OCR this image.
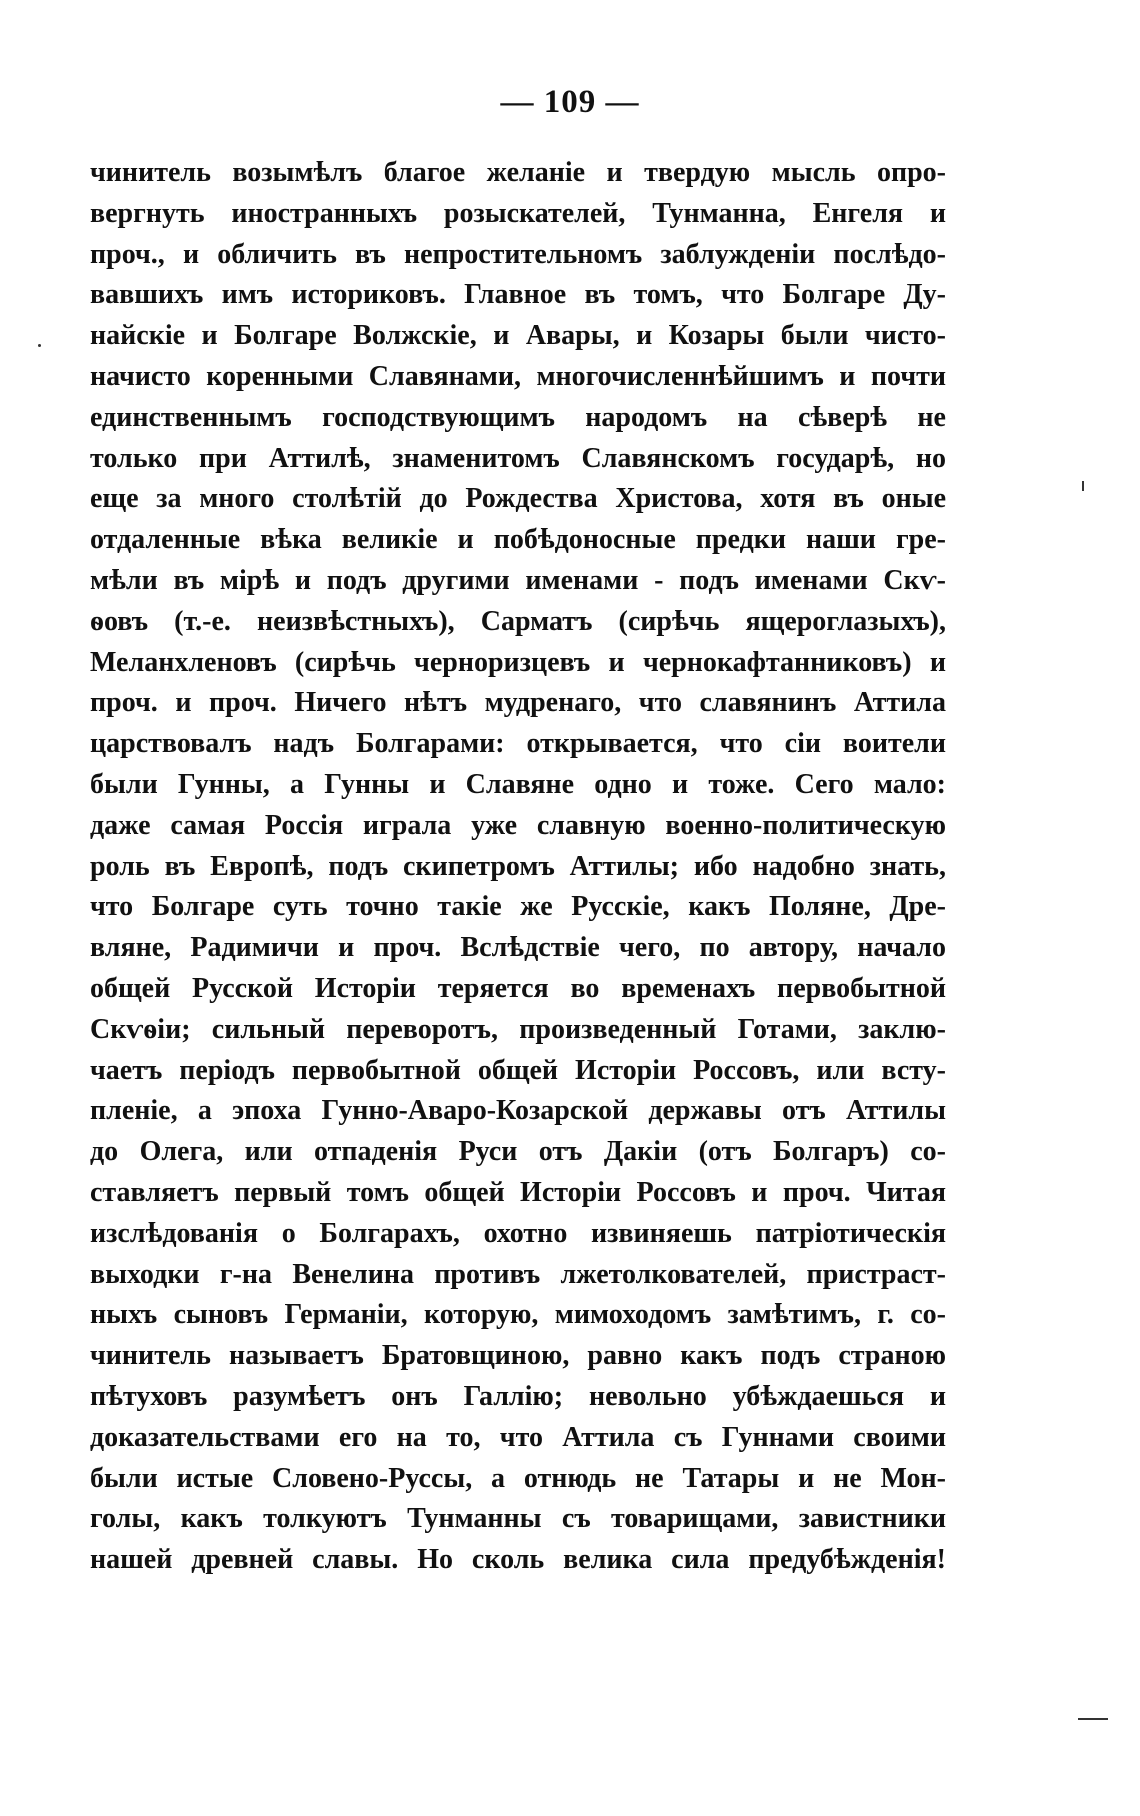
— 109 —
чинитель возымѣлъ благое желаніе и твердую мысль опро-
вергнуть иностранныхъ розыскателей, Тунманна, Енгеля и
проч., и обличить въ непростительномъ заблужденіи послѣдо-
вавшихъ имъ историковъ. Главное въ томъ, что Болгаре Ду-
найскіе и Болгаре Волжскіе, и Авары, и Козары были чисто-
начисто коренными Славянами, многочисленнѣйшимъ и почти
единственнымъ господствующимъ народомъ на сѣверѣ не
только при Аттилѣ, знаменитомъ Славянскомъ государѣ, но
еще за много столѣтій до Рождества Христова, хотя въ оные
отдаленные вѣка великіе и побѣдоносные предки наши гре-
мѣли въ мірѣ и подъ другими именами - подъ именами Скѵ-
ѳовъ (т.-е. неизвѣстныхъ), Сарматъ (сирѣчь ящероглазыхъ),
Меланхленовъ (сирѣчь черноризцевъ и чернокафтанниковъ) и
проч. и проч. Ничего нѣтъ мудренаго, что славянинъ Аттила
царствовалъ надъ Болгарами: открывается, что сіи воители
были Гунны, а Гунны и Славяне одно и тоже. Сего мало:
даже самая Россія играла уже славную военно-политическую
роль въ Европѣ, подъ скипетромъ Аттилы; ибо надобно знать,
что Болгаре суть точно такіе же Русскіе, какъ Поляне, Дре-
вляне, Радимичи и проч. Вслѣдствіе чего, по автору, начало
общей Русской Исторіи теряется во временахъ первобытной
Скѵѳіи; сильный переворотъ, произведенный Готами, заклю-
чаетъ періодъ первобытной общей Исторіи Россовъ, или всту-
пленіе, а эпоха Гунно-Аваро-Козарской державы отъ Аттилы
до Олега, или отпаденія Руси отъ Дакіи (отъ Болгаръ) со-
ставляетъ первый томъ общей Исторіи Россовъ и проч. Читая
изслѣдованія о Болгарахъ, охотно извиняешь патріотическія
выходки г-на Венелина противъ лжетолкователей, пристраст-
ныхъ сыновъ Германіи, которую, мимоходомъ замѣтимъ, г. со-
чинитель называетъ Братовщиною, равно какъ подъ страною
пѣтуховъ разумѣетъ онъ Галлію; невольно убѣждаешься и
доказательствами его на то, что Аттила съ Гуннами своими
были истые Словено-Руссы, а отнюдь не Татары и не Мон-
голы, какъ толкуютъ Тунманны съ товарищами, завистники
нашей древней славы. Но сколь велика сила предубѣжденія!
